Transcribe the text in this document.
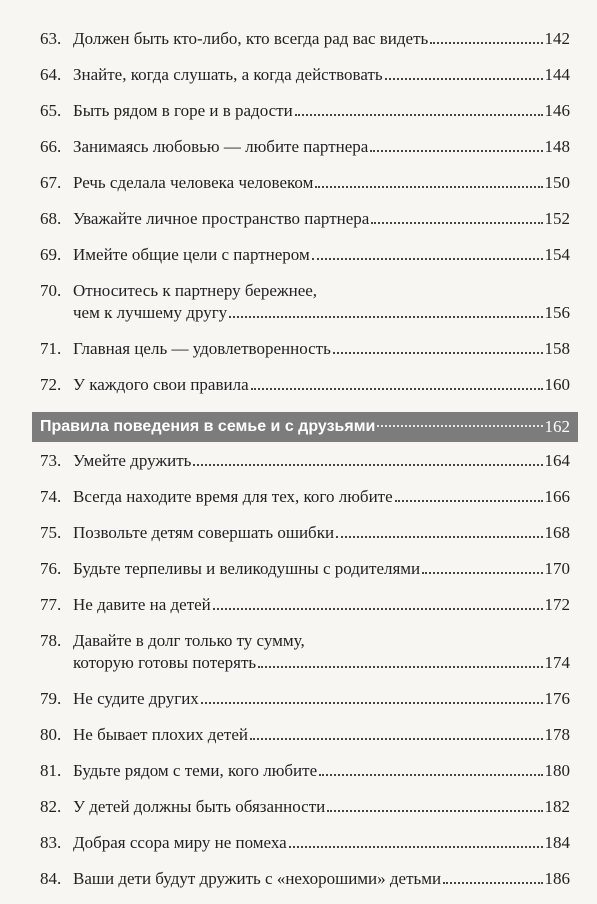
63. Должен быть кто-либо, кто всегда рад вас видеть	142
64. Знайте, когда слушать, а когда действовать	144
65. Быть рядом в горе и в радости	146
66. Занимаясь любовью — любите партнера	148
67. Речь сделала человека человеком	150
68. Уважайте личное пространство партнера	152
69. Имейте общие цели с партнером	154
70. Относитесь к партнеру бережнее,
чем к лучшему другу	156
71. Главная цель — удовлетворенность	158
72. У каждого свои правила	160
Правила поведения в семье и с друзьями	162
73. Умейте дружить	164
74. Всегда находите время для тех, кого любите	166
75. Позвольте детям совершать ошибки	168
76. Будьте терпеливы и великодушны с родителями	170
77. Не давите на детей	172
78. Давайте в долг только ту сумму,
которую готовы потерять	174
79. Не судите других	176
80. Не бывает плохих детей	178
81. Будьте рядом с теми, кого любите	180
82. У детей должны быть обязанности	182
83. Добрая ссора миру не помеха	184
84. Ваши дети будут дружить с «нехорошими» детьми	186
